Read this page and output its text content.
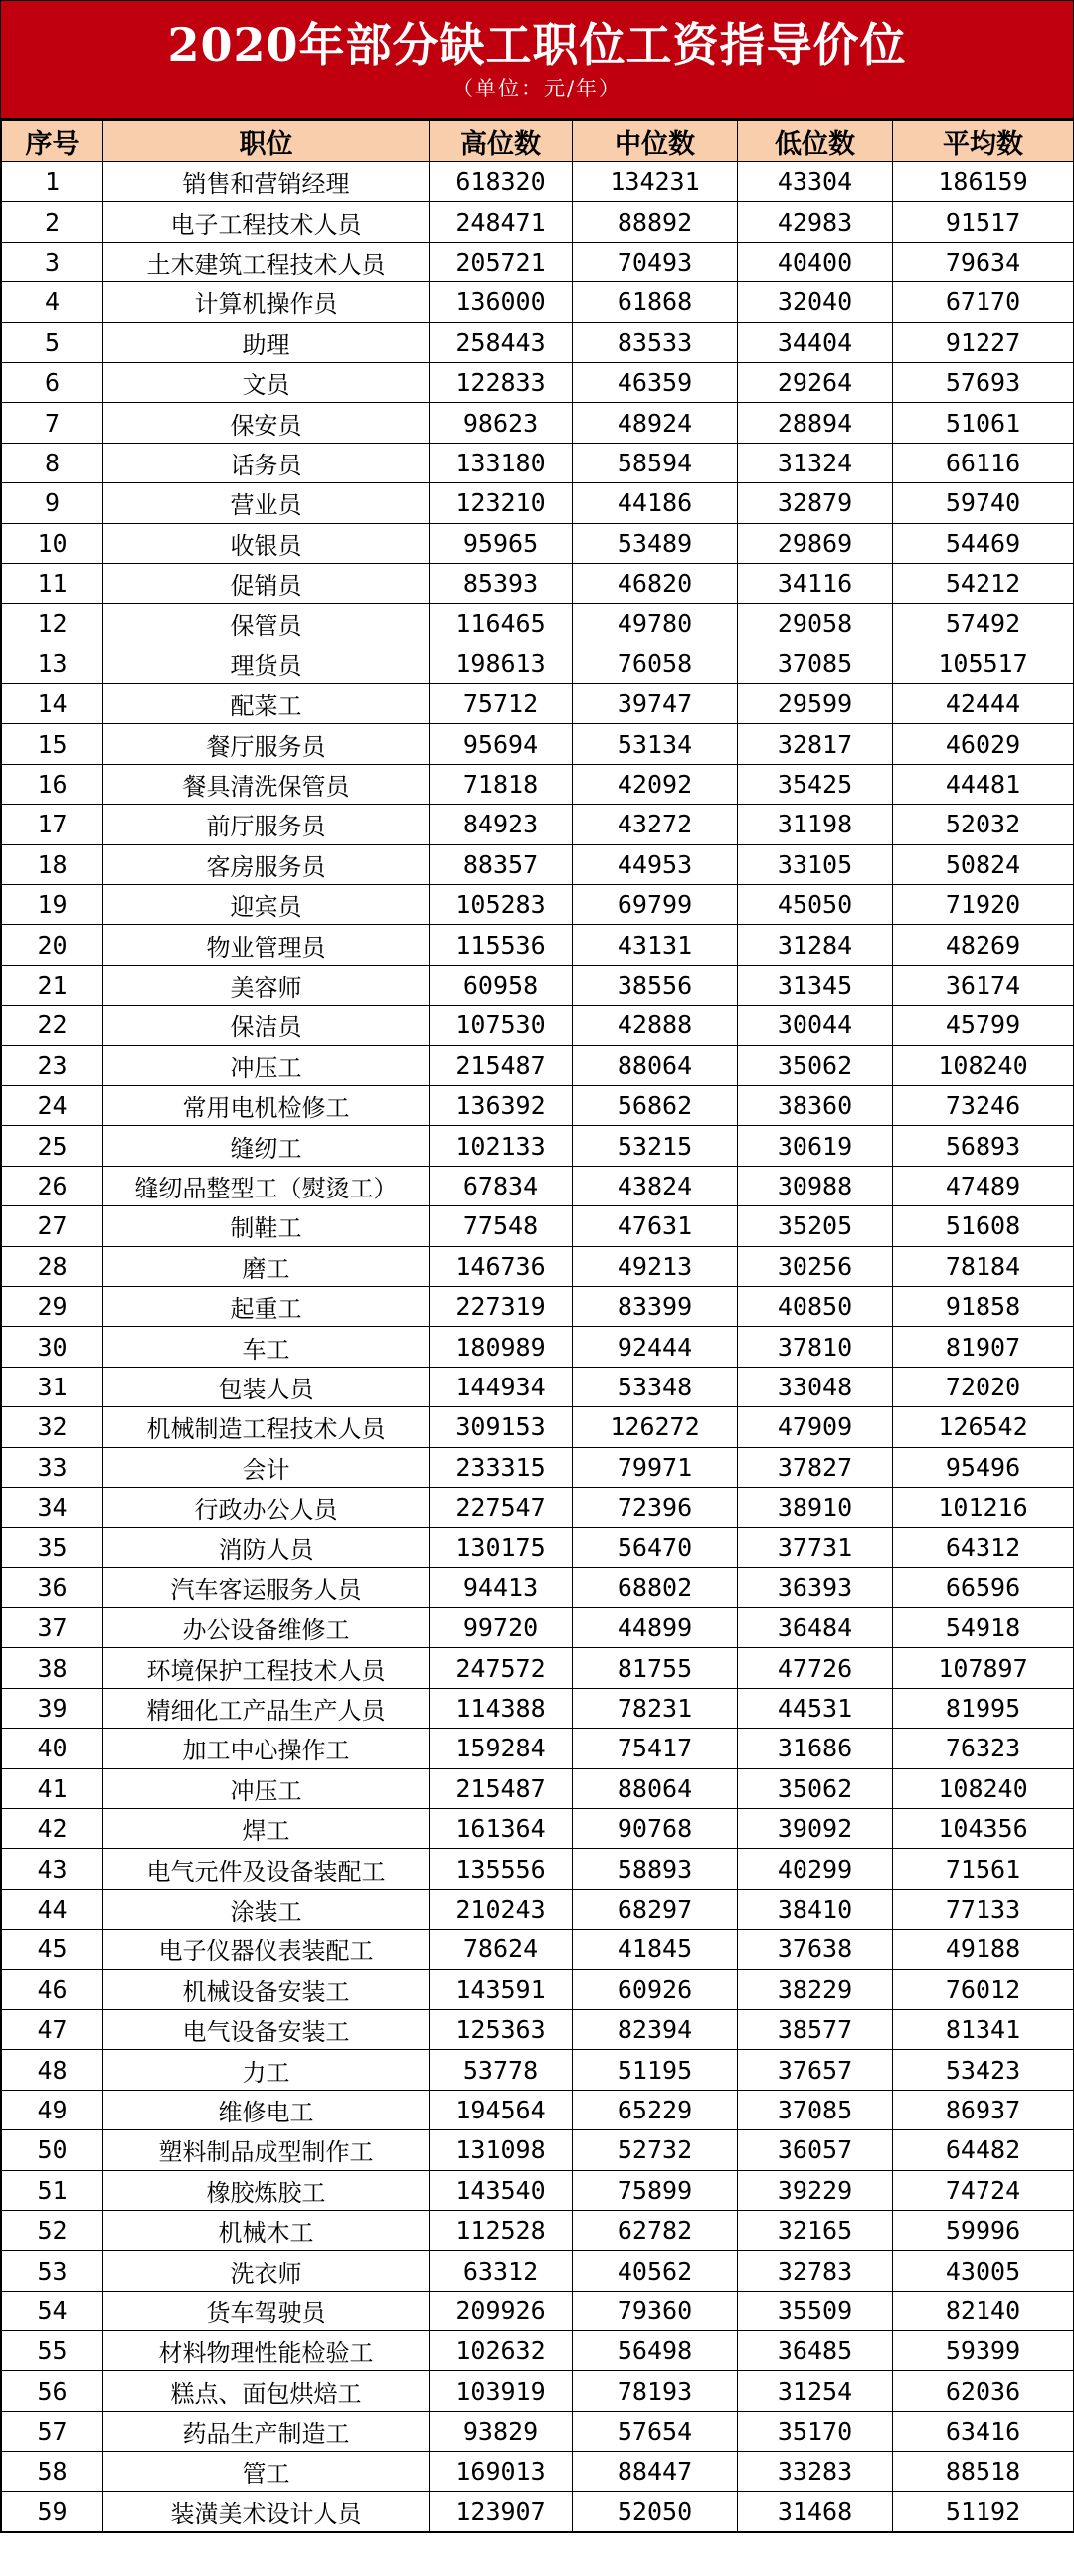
2020年部分缺工职位工资指导价位
（单位：元/年）
序号	职位	高位数	中位数	低位数	平均数
1	销售和营销经理	618320	134231	43304	186159
2	电子工程技术人员	248471	88892	42983	91517
3	土木建筑工程技术人员	205721	70493	40400	79634
4	计算机操作员	136000	61868	32040	67170
5	助理	258443	83533	34404	91227
6	文员	122833	46359	29264	57693
7	保安员	98623	48924	28894	51061
8	话务员	133180	58594	31324	66116
9	营业员	123210	44186	32879	59740
10	收银员	95965	53489	29869	54469
11	促销员	85393	46820	34116	54212
12	保管员	116465	49780	29058	57492
13	理货员	198613	76058	37085	105517
14	配菜工	75712	39747	29599	42444
15	餐厅服务员	95694	53134	32817	46029
16	餐具清洗保管员	71818	42092	35425	44481
17	前厅服务员	84923	43272	31198	52032
18	客房服务员	88357	44953	33105	50824
19	迎宾员	105283	69799	45050	71920
20	物业管理员	115536	43131	31284	48269
21	美容师	60958	38556	31345	36174
22	保洁员	107530	42888	30044	45799
23	冲压工	215487	88064	35062	108240
24	常用电机检修工	136392	56862	38360	73246
25	缝纫工	102133	53215	30619	56893
26	缝纫品整型工（熨烫工）	67834	43824	30988	47489
27	制鞋工	77548	47631	35205	51608
28	磨工	146736	49213	30256	78184
29	起重工	227319	83399	40850	91858
30	车工	180989	92444	37810	81907
31	包装人员	144934	53348	33048	72020
32	机械制造工程技术人员	309153	126272	47909	126542
33	会计	233315	79971	37827	95496
34	行政办公人员	227547	72396	38910	101216
35	消防人员	130175	56470	37731	64312
36	汽车客运服务人员	94413	68802	36393	66596
37	办公设备维修工	99720	44899	36484	54918
38	环境保护工程技术人员	247572	81755	47726	107897
39	精细化工产品生产人员	114388	78231	44531	81995
40	加工中心操作工	159284	75417	31686	76323
41	冲压工	215487	88064	35062	108240
42	焊工	161364	90768	39092	104356
43	电气元件及设备装配工	135556	58893	40299	71561
44	涂装工	210243	68297	38410	77133
45	电子仪器仪表装配工	78624	41845	37638	49188
46	机械设备安装工	143591	60926	38229	76012
47	电气设备安装工	125363	82394	38577	81341
48	力工	53778	51195	37657	53423
49	维修电工	194564	65229	37085	86937
50	塑料制品成型制作工	131098	52732	36057	64482
51	橡胶炼胶工	143540	75899	39229	74724
52	机械木工	112528	62782	32165	59996
53	洗衣师	63312	40562	32783	43005
54	货车驾驶员	209926	79360	35509	82140
55	材料物理性能检验工	102632	56498	36485	59399
56	糕点、面包烘焙工	103919	78193	31254	62036
57	药品生产制造工	93829	57654	35170	63416
58	管工	169013	88447	33283	88518
59	装潢美术设计人员	123907	52050	31468	51192
